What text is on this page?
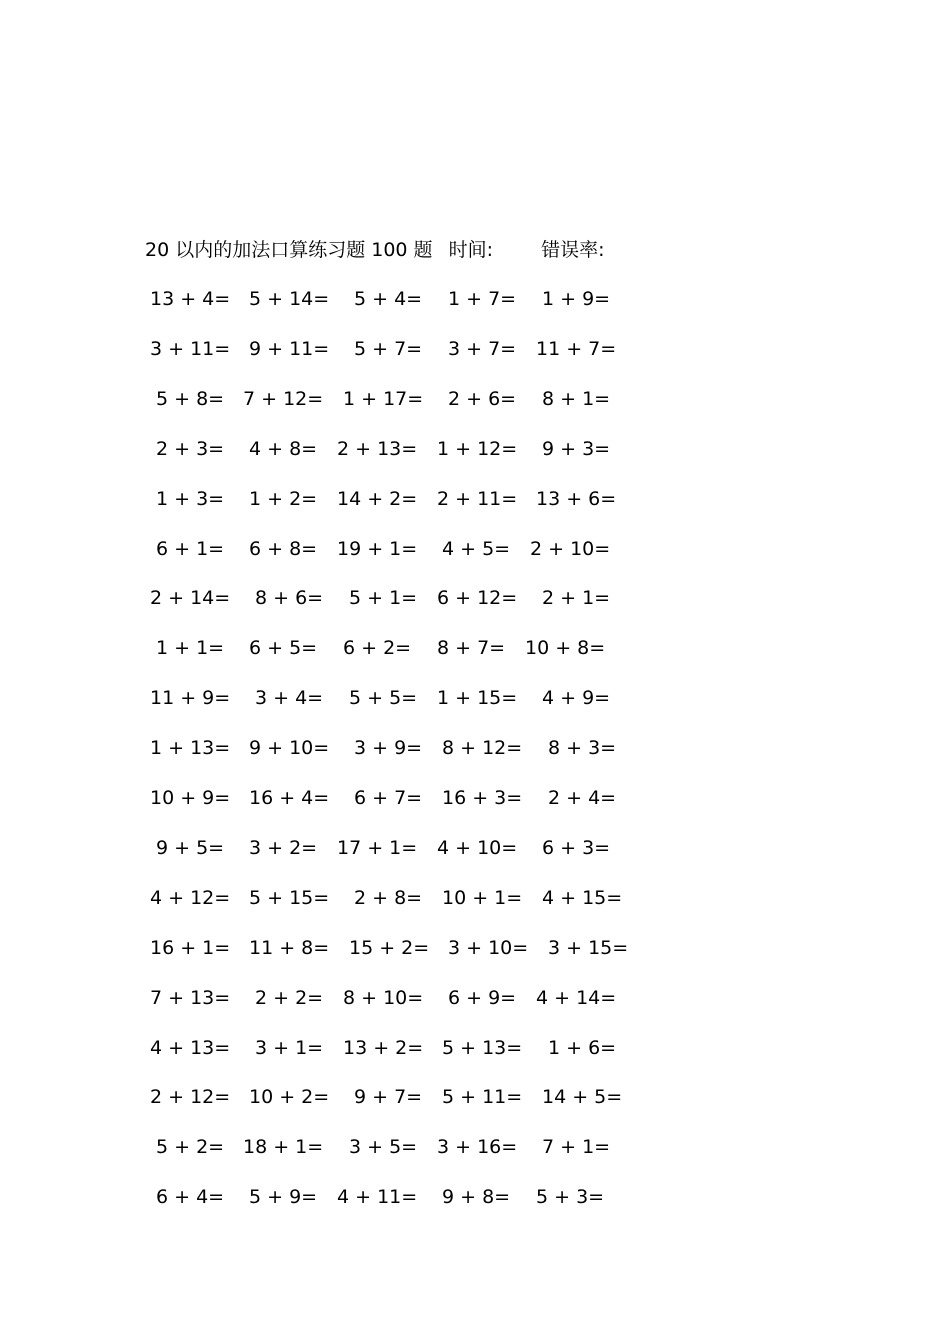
20 以内的加法口算练习题 100 题 时间:	错误率:
13 + 4= 5 + 14= 5 + 4= 1 + 7= 1 + 9=
3 + 11= 9 + 11= 5 + 7= 3 + 7= 11 + 7=
5 + 8= 7 + 12= 1 + 17= 2 + 6= 8 + 1=
2 + 3= 4 + 8= 2 + 13= 1 + 12= 9 + 3=
1 + 3= 1 + 2= 14 + 2= 2 + 11= 13 + 6=
6 + 1= 6 + 8= 19 + 1= 4 + 5= 2 + 10=
2 + 14= 8 + 6= 5 + 1= 6 + 12= 2 + 1=
1 + 1= 6 + 5= 6 + 2= 8 + 7= 10 + 8=
11 + 9= 3 + 4= 5 + 5= 1 + 15= 4 + 9=
1 + 13= 9 + 10= 3 + 9= 8 + 12= 8 + 3=
10 + 9= 16 + 4= 6 + 7= 16 + 3= 2 + 4=
9 + 5= 3 + 2= 17 + 1= 4 + 10= 6 + 3=
4 + 12= 5 + 15= 2 + 8= 10 + 1= 4 + 15=
16 + 1= 11 + 8= 15 + 2= 3 + 10= 3 + 15=
7 + 13= 2 + 2= 8 + 10= 6 + 9= 4 + 14=
4 + 13= 3 + 1= 13 + 2= 5 + 13= 1 + 6=
2 + 12= 10 + 2= 9 + 7= 5 + 11= 14 + 5=
5 + 2= 18 + 1= 3 + 5= 3 + 16= 7 + 1=
6 + 4= 5 + 9= 4 + 11= 9 + 8= 5 + 3=
